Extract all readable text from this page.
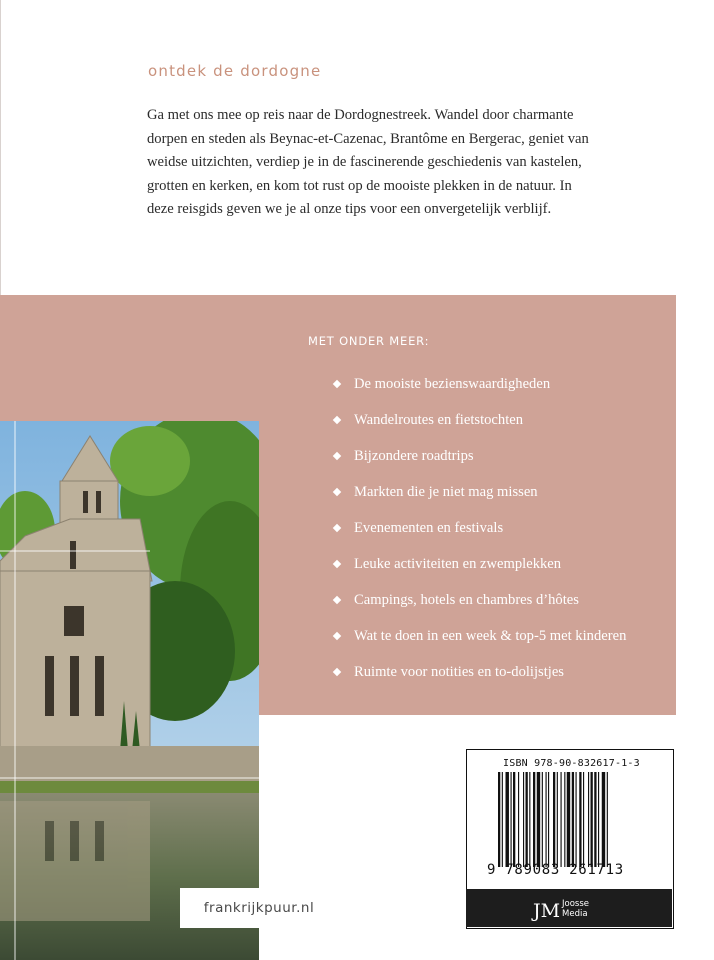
ontdek de dordogne

Ga met ons mee op reis naar de Dordognestreek. Wandel door charmante dorpen en steden als Beynac-et-Cazenac, Brantôme en Bergerac, geniet van weidse uitzichten, verdiep je in de fascinerende geschiedenis van kastelen, grotten en kerken, en kom tot rust op de mooiste plekken in de natuur. In deze reisgids geven we je al onze tips voor een onvergetelijk verblijf.

MET ONDER MEER:
De mooiste bezienswaardigheden
Wandelroutes en fietstochten
Bijzondere roadtrips
Markten die je niet mag missen
Evenementen en festivals
Leuke activiteiten en zwemplekken
Campings, hotels en chambres d’hôtes
Wat te doen in een week & top-5 met kinderen
Ruimte voor notities en to-dolijstjes
frankrijkpuur.nl
ISBN 978-90-832617-1-3
9 789083 261713
JM Joosse
Media
